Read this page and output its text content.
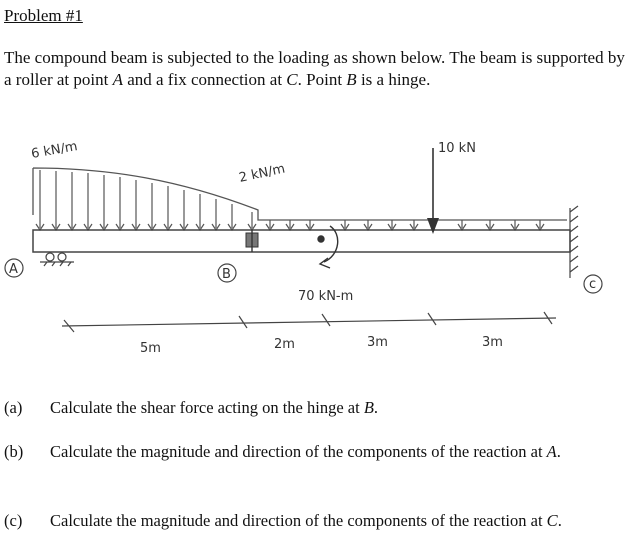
Problem #1
The compound beam is subjected to the loading as shown below. The beam is supported by a roller at point A and a fix connection at C. Point B is a hinge.
6 kN/m
2 kN/m
10 kN
70 kN-m
A	B
c
5m	2m	3m	3m
(a) Calculate the shear force acting on the hinge at B.
(b) Calculate the magnitude and direction of the components of the reaction at A.
(c) Calculate the magnitude and direction of the components of the reaction at C.
